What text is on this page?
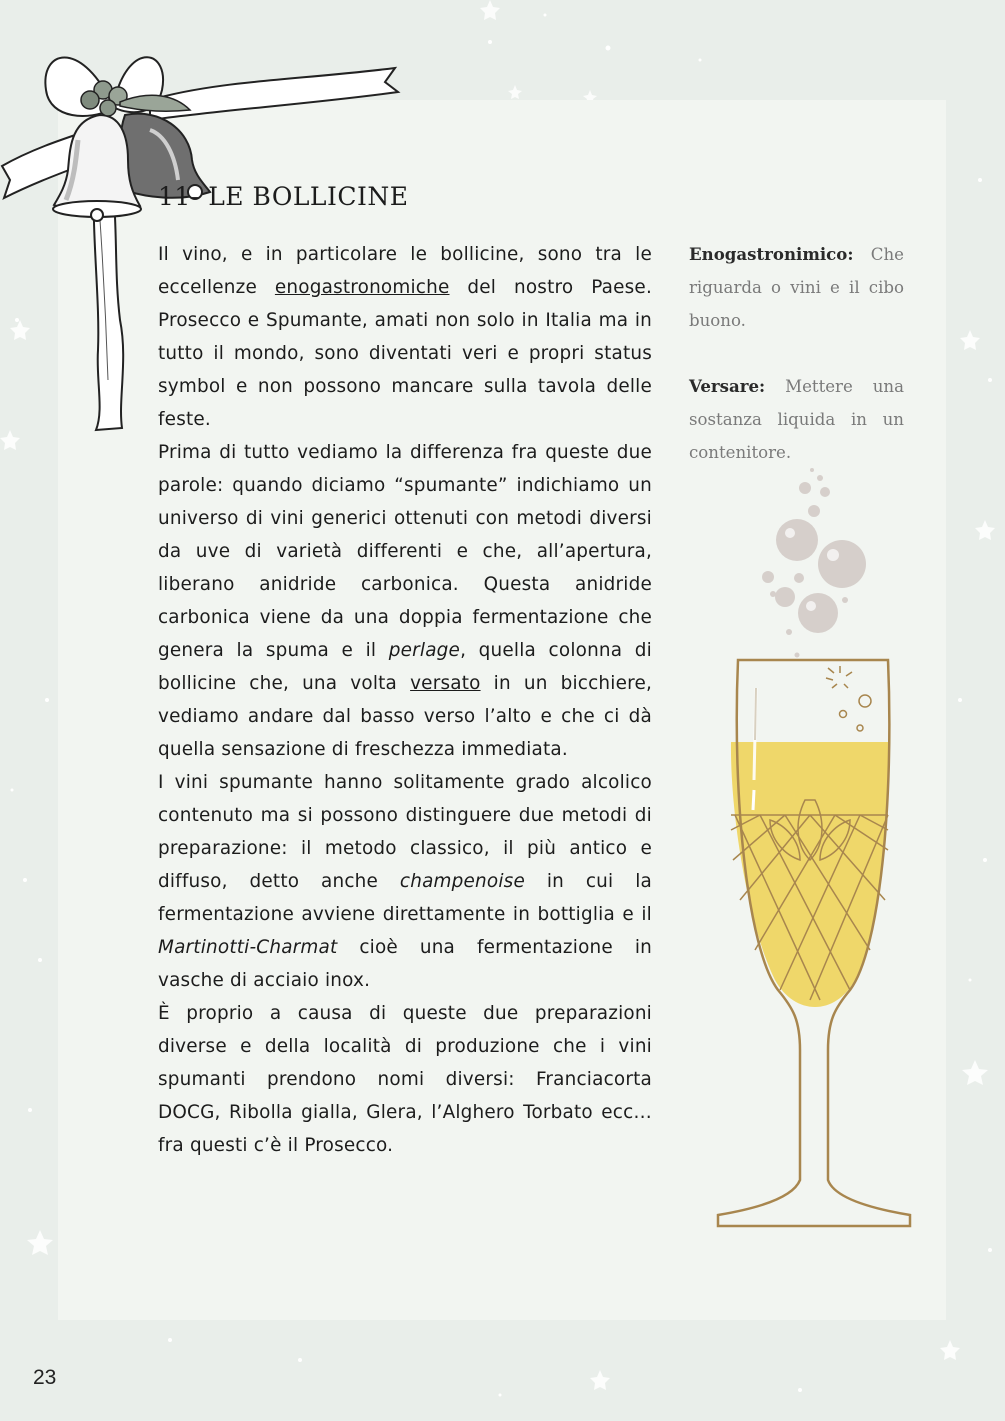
11- LE BOLLICINE

Il vino, e in particolare le bollicine, sono tra le eccellenze enogastronomiche del nostro Paese. Prosecco e Spumante, amati non solo in Italia ma in tutto il mondo, sono diventati veri e propri status symbol e non possono mancare sulla tavola delle feste.

Prima di tutto vediamo la differenza fra queste due parole: quando diciamo “spumante” indichiamo un universo di vini generici ottenuti con metodi diversi da uve di varietà differenti e che, all’apertura, liberano anidride carbonica. Questa anidride carbonica viene da una doppia fermentazione che genera la spuma e il perlage, quella colonna di bollicine che, una volta versato in un bicchiere, vediamo andare dal basso verso l’alto e che ci dà quella sensazione di freschezza immediata.

I vini spumante hanno solitamente grado alcolico contenuto ma si possono distinguere due metodi di preparazione: il metodo classico, il più antico e diffuso, detto anche champenoise in cui la fermentazione avviene direttamente in bottiglia e il Martinotti-Charmat cioè una fermentazione in vasche di acciaio inox.

È proprio a causa di queste due preparazioni diverse e della località di produzione che i vini spumanti prendono nomi diversi: Franciacorta DOCG, Ribolla gialla, Glera, l’Alghero Torbato ecc…fra questi c’è il Prosecco.

Enogastronimico: Che riguarda o vini e il cibo buono.

Versare: Mettere una sostanza liquida in un contenitore.

23
